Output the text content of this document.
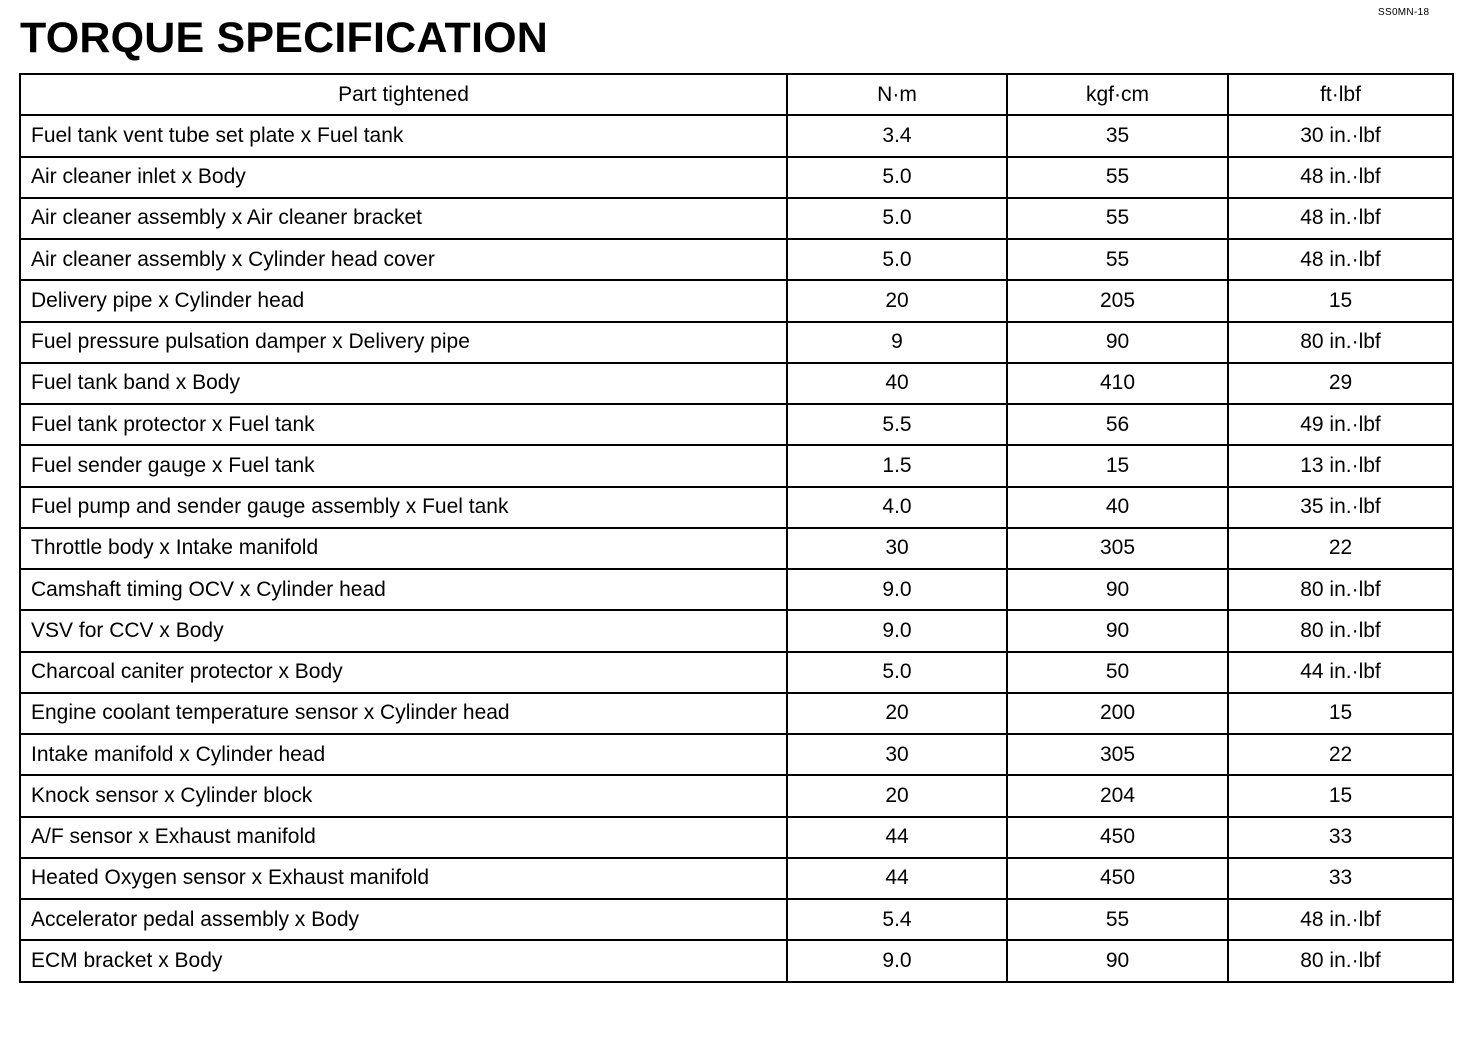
SS0MN-18
TORQUE SPECIFICATION
Part tightened	N·m	kgf·cm	ft·lbf
Fuel tank vent tube set plate x Fuel tank	3.4	35	30 in.·lbf
Air cleaner inlet x Body	5.0	55	48 in.·lbf
Air cleaner assembly x Air cleaner bracket	5.0	55	48 in.·lbf
Air cleaner assembly x Cylinder head cover	5.0	55	48 in.·lbf
Delivery pipe x Cylinder head	20	205	15
Fuel pressure pulsation damper x Delivery pipe	9	90	80 in.·lbf
Fuel tank band x Body	40	410	29
Fuel tank protector x Fuel tank	5.5	56	49 in.·lbf
Fuel sender gauge x Fuel tank	1.5	15	13 in.·lbf
Fuel pump and sender gauge assembly x Fuel tank	4.0	40	35 in.·lbf
Throttle body x Intake manifold	30	305	22
Camshaft timing OCV x Cylinder head	9.0	90	80 in.·lbf
VSV for CCV x Body	9.0	90	80 in.·lbf
Charcoal caniter protector x Body	5.0	50	44 in.·lbf
Engine coolant temperature sensor x Cylinder head	20	200	15
Intake manifold x Cylinder head	30	305	22
Knock sensor x Cylinder block	20	204	15
A/F sensor x Exhaust manifold	44	450	33
Heated Oxygen sensor x Exhaust manifold	44	450	33
Accelerator pedal assembly x Body	5.4	55	48 in.·lbf
ECM bracket x Body	9.0	90	80 in.·lbf
